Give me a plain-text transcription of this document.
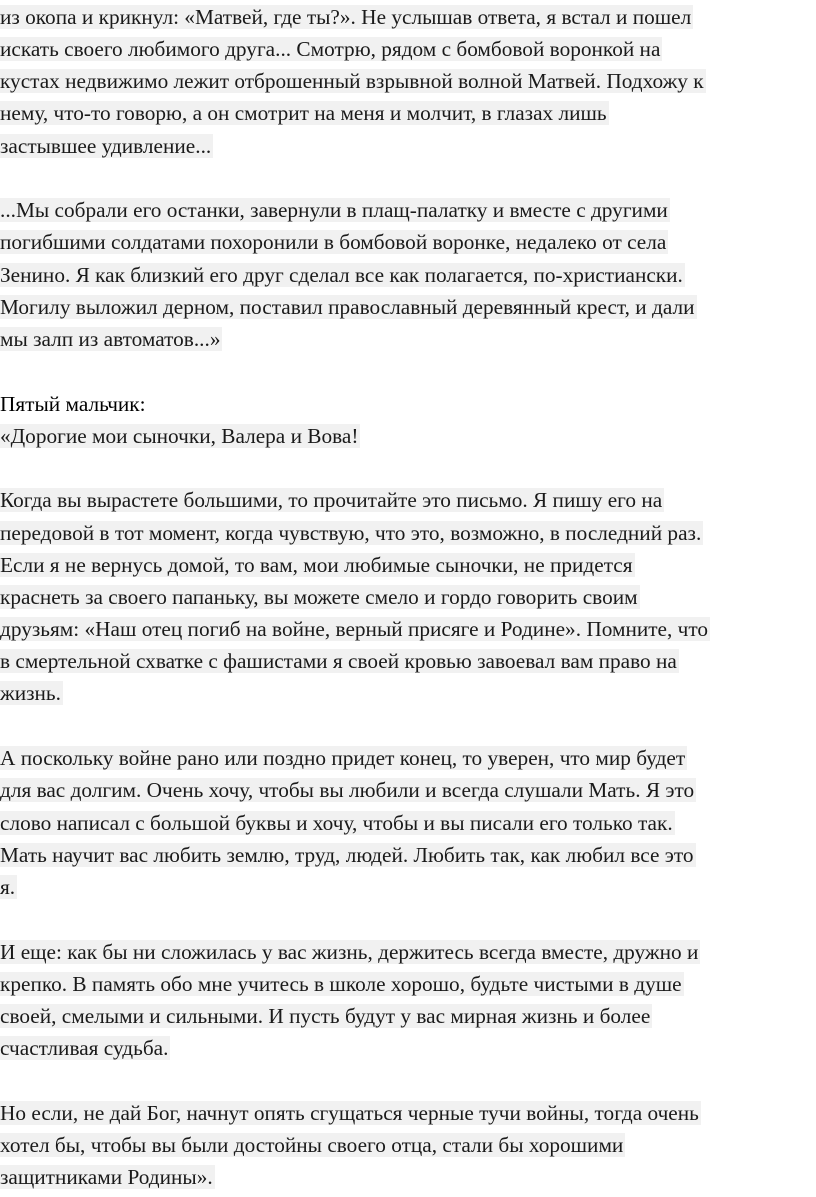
из окопа и крикнул: «Матвей, где ты?». Не услышав ответа, я встал и пошел
искать своего любимого друга... Смотрю, рядом с бомбовой воронкой на
кустах недвижимо лежит отброшенный взрывной волной Матвей. Подхожу к
нему, что-то говорю, а он смотрит на меня и молчит, в глазах лишь
застывшее удивление...
...Мы собрали его останки, завернули в плащ-палатку и вместе с другими
погибшими солдатами похоронили в бомбовой воронке, недалеко от села
Зенино. Я как близкий его друг сделал все как полагается, по-христиански.
Могилу выложил дерном, поставил православный деревянный крест, и дали
мы залп из автоматов...»
Пятый мальчик:
«Дорогие мои сыночки, Валера и Вова!
Когда вы вырастете большими, то прочитайте это письмо. Я пишу его на
передовой в тот момент, когда чувствую, что это, возможно, в последний раз.
Если я не вернусь домой, то вам, мои любимые сыночки, не придется
краснеть за своего папаньку, вы можете смело и гордо говорить своим
друзьям: «Наш отец погиб на войне, верный присяге и Родине». Помните, что
в смертельной схватке с фашистами я своей кровью завоевал вам право на
жизнь.
А поскольку войне рано или поздно придет конец, то уверен, что мир будет
для вас долгим. Очень хочу, чтобы вы любили и всегда слушали Мать. Я это
слово написал с большой буквы и хочу, чтобы и вы писали его только так.
Мать научит вас любить землю, труд, людей. Любить так, как любил все это
я.
И еще: как бы ни сложилась у вас жизнь, держитесь всегда вместе, дружно и
крепко. В память обо мне учитесь в школе хорошо, будьте чистыми в душе
своей, смелыми и сильными. И пусть будут у вас мирная жизнь и более
счастливая судьба.
Но если, не дай Бог, начнут опять сгущаться черные тучи войны, тогда очень
хотел бы, чтобы вы были достойны своего отца, стали бы хорошими
защитниками Родины».
